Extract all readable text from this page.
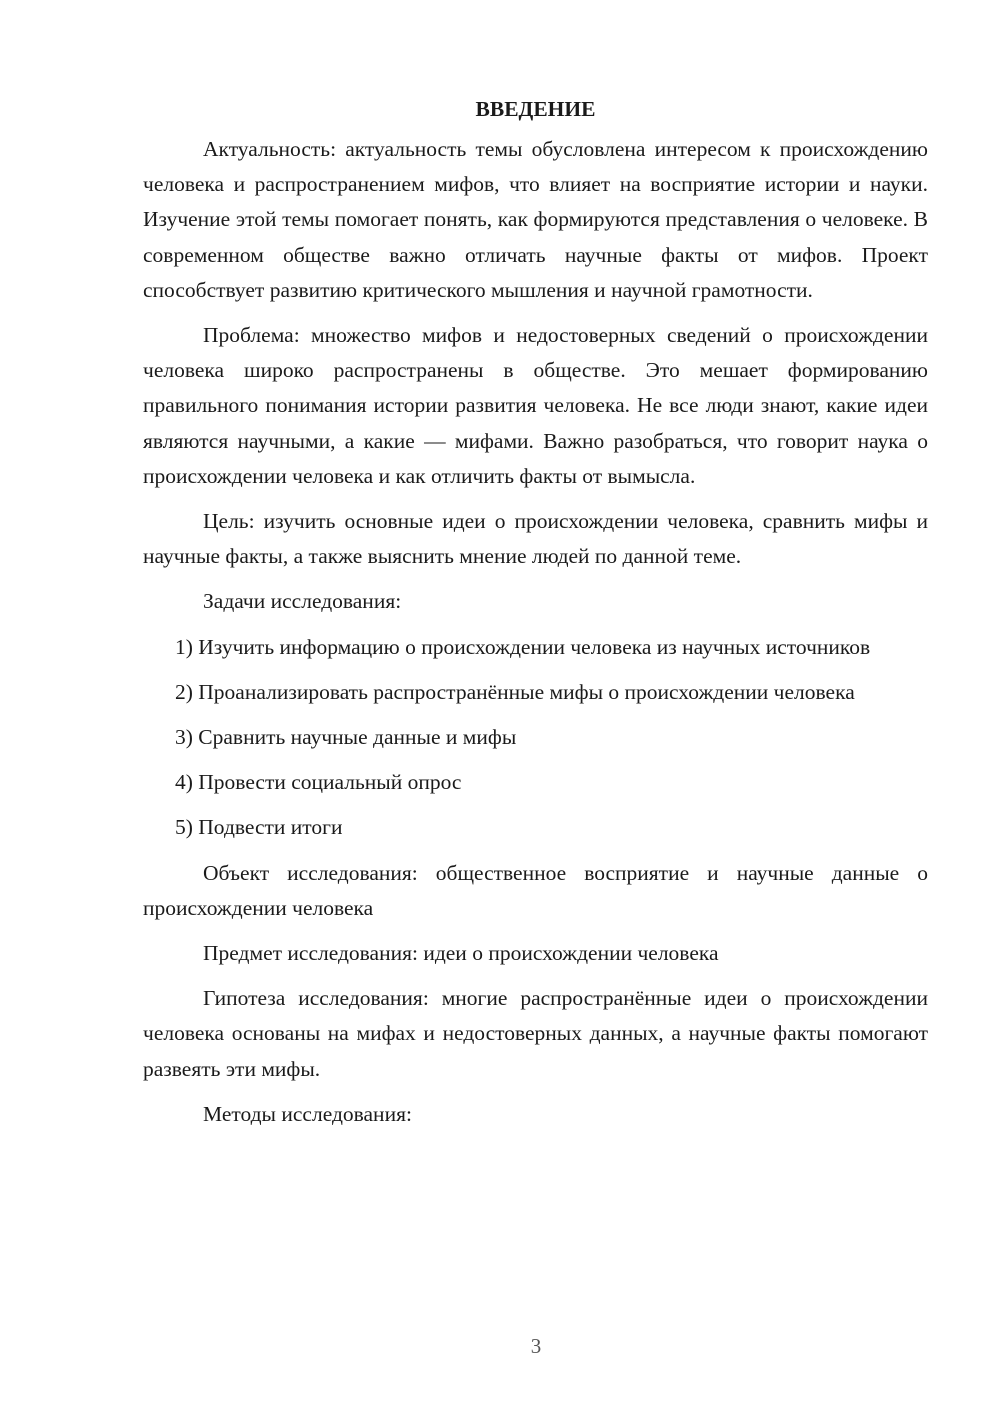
ВВЕДЕНИЕ

Актуальность: актуальность темы обусловлена интересом к происхождению человека и распространением мифов, что влияет на восприятие истории и науки. Изучение этой темы помогает понять, как формируются представления о человеке. В современном обществе важно отличать научные факты от мифов. Проект способствует развитию критического мышления и научной грамотности.

Проблема: множество мифов и недостоверных сведений о происхождении человека широко распространены в обществе. Это мешает формированию правильного понимания истории развития человека. Не все люди знают, какие идеи являются научными, а какие — мифами. Важно разобраться, что говорит наука о происхождении человека и как отличить факты от вымысла.

Цель: изучить основные идеи о происхождении человека, сравнить мифы и научные факты, а также выяснить мнение людей по данной теме.

Задачи исследования:

1) Изучить информацию о происхождении человека из научных источников

2) Проанализировать распространённые мифы о происхождении человека

3) Сравнить научные данные и мифы

4) Провести социальный опрос

5) Подвести итоги

Объект исследования: общественное восприятие и научные данные о происхождении человека

Предмет исследования: идеи о происхождении человека

Гипотеза исследования: многие распространённые идеи о происхождении человека основаны на мифах и недостоверных данных, а научные факты помогают развеять эти мифы.

Методы исследования:

3
